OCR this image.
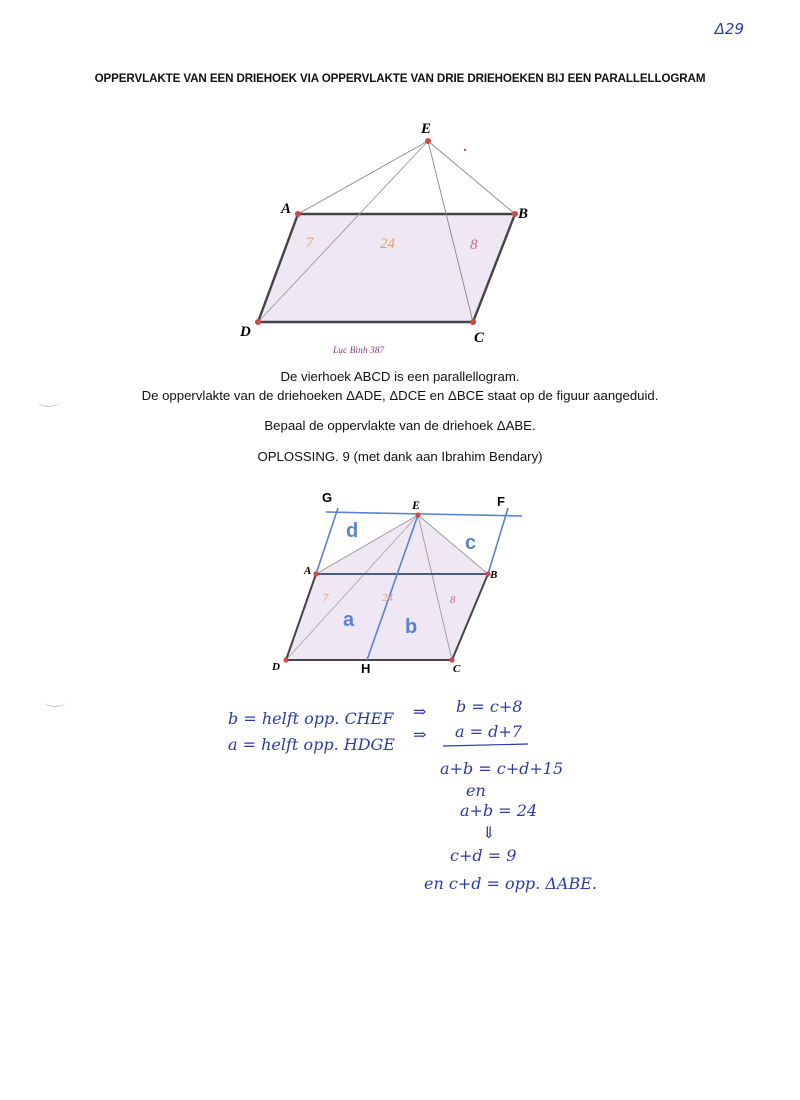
Δ29
OPPERVLAKTE VAN EEN DRIEHOEK VIA OPPERVLAKTE VAN DRIE DRIEHOEKEN BIJ EEN PARALLELLOGRAM
E
A	B
C
D
7	24	8
Lục Bình 387
De vierhoek ABCD is een parallellogram.
De oppervlakte van de driehoeken ΔADE, ΔDCE en ΔBCE staat op de figuur aangeduid.
Bepaal de oppervlakte van de driehoek ΔABE.
OPLOSSING. 9 (met dank aan Ibrahim Bendary)
G	E	F
A	B
C
D	H
d
c
a	b
7	24	8
b = helft opp. CHEF
a = helft opp. HDGE
⇒
⇒
b = c+8
a = d+7
a+b = c+d+15
en
a+b = 24
⇓
c+d = 9
en c+d = opp. ΔABE.
